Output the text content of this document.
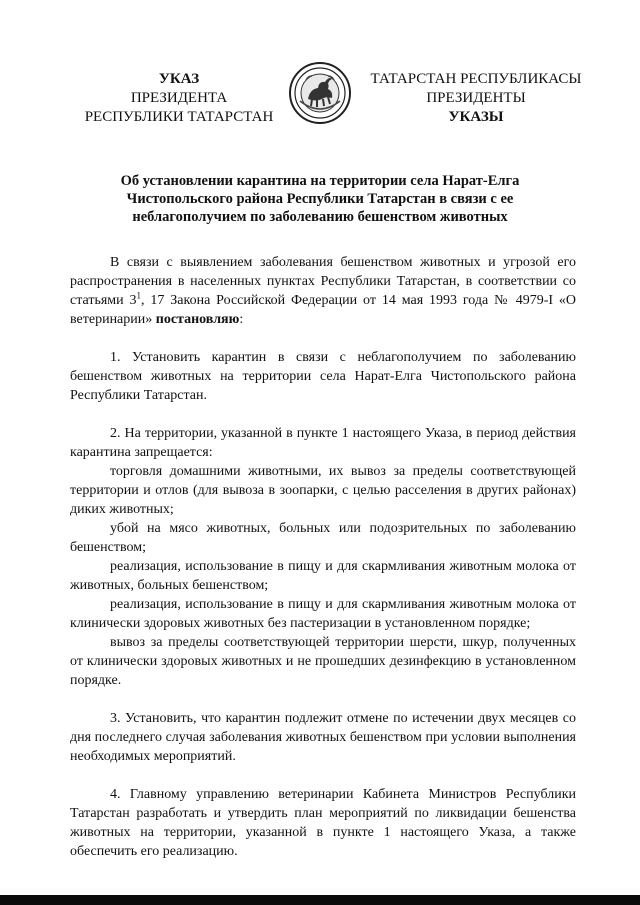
УКАЗ
ПРЕЗИДЕНТА
РЕСПУБЛИКИ ТАТАРСТАН
ТАТАРСТАН РЕСПУБЛИКАСЫ
ПРЕЗИДЕНТЫ
УКАЗЫ
Об установлении карантина на территории села Нарат-Елга
Чистопольского района Республики Татарстан в связи с ее
неблагополучием по заболеванию бешенством животных

В связи с выявлением заболевания бешенством животных и угрозой его распространения в населенных пунктах Республики Татарстан, в соответствии со статьями $3^1$, 17 Закона Российской Федерации от 14 мая 1993 года № 4979-I «О ветеринарии» постановляю:

1. Установить карантин в связи с неблагополучием по заболеванию бешенством животных на территории села Нарат-Елга Чистопольского района Республики Татарстан.

2. На территории, указанной в пункте 1 настоящего Указа, в период действия карантина запрещается:

торговля домашними животными, их вывоз за пределы соответствующей территории и отлов (для вывоза в зоопарки, с целью расселения в других районах) диких животных;

убой на мясо животных, больных или подозрительных по заболеванию бешенством;

реализация, использование в пищу и для скармливания животным молока от животных, больных бешенством;

реализация, использование в пищу и для скармливания животным молока от клинически здоровых животных без пастеризации в установленном порядке;

вывоз за пределы соответствующей территории шерсти, шкур, полученных от клинически здоровых животных и не прошедших дезинфекцию в установленном порядке.

3. Установить, что карантин подлежит отмене по истечении двух месяцев со дня последнего случая заболевания животных бешенством при условии выполнения необходимых мероприятий.

4. Главному управлению ветеринарии Кабинета Министров Республики Татарстан разработать и утвердить план мероприятий по ликвидации бешенства животных на территории, указанной в пункте 1 настоящего Указа, а также обеспечить его реализацию.
